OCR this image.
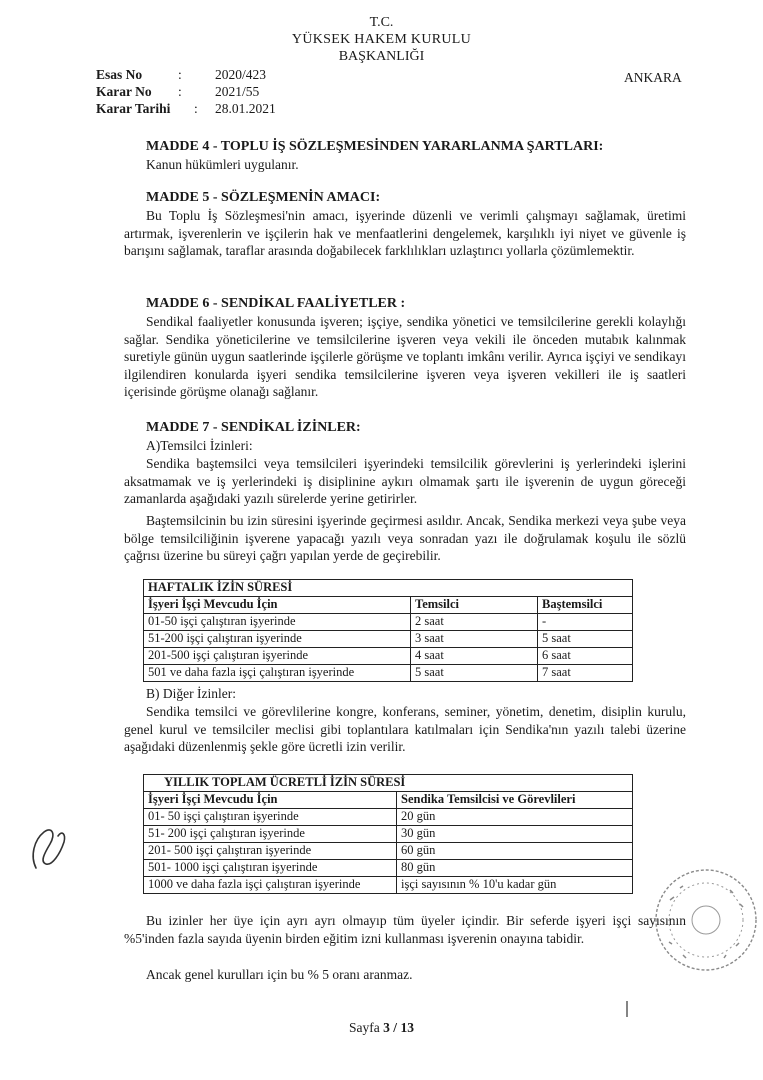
T.C.
YÜKSEK HAKEM KURULU
BAŞKANLIĞI
ANKARA
Esas No	: 2020/423
Karar No : 2021/55
Karar Tarihi : 28.01.2021
MADDE 4 - TOPLU İŞ SÖZLEŞMESİNDEN YARARLANMA ŞARTLARI:
Kanun hükümleri uygulanır.
MADDE 5 - SÖZLEŞMENİN AMACI:
Bu Toplu İş Sözleşmesi'nin amacı, işyerinde düzenli ve verimli çalışmayı sağlamak, üretimi artırmak, işverenlerin ve işçilerin hak ve menfaatlerini dengelemek, karşılıklı iyi niyet ve güvenle iş barışını sağlamak, taraflar arasında doğabilecek farklılıkları uzlaştırıcı yollarla çözümlemektir.
MADDE 6 - SENDİKAL FAALİYETLER :
Sendikal faaliyetler konusunda işveren; işçiye, sendika yönetici ve temsilcilerine gerekli kolaylığı sağlar. Sendika yöneticilerine ve temsilcilerine işveren veya vekili ile önceden mutabık kalınmak suretiyle günün uygun saatlerinde işçilerle görüşme ve toplantı imkânı verilir. Ayrıca işçiyi ve sendikayı ilgilendiren konularda işyeri sendika temsilcilerine işveren veya işveren vekilleri ile iş saatleri içerisinde görüşme olanağı sağlanır.
MADDE 7 - SENDİKAL İZİNLER:
A)Temsilci İzinleri:
Sendika baştemsilci veya temsilcileri işyerindeki temsilcilik görevlerini iş yerlerindeki işlerini aksatmamak ve iş yerlerindeki iş disiplinine aykırı olmamak şartı ile işverenin de uygun göreceği zamanlarda aşağıdaki yazılı sürelerde yerine getirirler.
Baştemsilcinin bu izin süresini işyerinde geçirmesi asıldır. Ancak, Sendika merkezi veya şube veya bölge temsilciliğinin işverene yapacağı yazılı veya sonradan yazı ile doğrulamak koşulu ile sözlü çağrısı üzerine bu süreyi çağrı yapılan yerde de geçirebilir.
HAFTALIK İZİN SÜRESİ		
İşyeri İşçi Mevcudu İçin	Temsilci	Baştemsilci
01-50 işçi çalıştıran işyerinde	2 saat	-
51-200 işçi çalıştıran işyerinde	3 saat	5 saat
201-500 işçi çalıştıran işyerinde	4 saat	6 saat
501 ve daha fazla işçi çalıştıran işyerinde	5 saat	7 saat
B) Diğer İzinler:
Sendika temsilci ve görevlilerine kongre, konferans, seminer, yönetim, denetim, disiplin kurulu, genel kurul ve temsilciler meclisi gibi toplantılara katılmaları için Sendika'nın yazılı talebi üzerine aşağıdaki düzenlenmiş şekle göre ücretli izin verilir.
YILLIK TOPLAM ÜCRETLİ İZİN SÜRESİ	
İşyeri İşçi Mevcudu İçin	Sendika Temsilcisi ve Görevlileri
01- 50 işçi çalıştıran işyerinde	20 gün
51- 200 işçi çalıştıran işyerinde	30 gün
201- 500 işçi çalıştıran işyerinde	60 gün
501- 1000 işçi çalıştıran işyerinde	80 gün
1000 ve daha fazla işçi çalıştıran işyerinde	işçi sayısının % 10'u kadar gün
Bu izinler her üye için ayrı ayrı olmayıp tüm üyeler içindir. Bir seferde işyeri işçi sayısının %5'inden fazla sayıda üyenin birden eğitim izni kullanması işverenin onayına tabidir.
Ancak genel kurulları için bu % 5 oranı aranmaz.
Sayfa 3 / 13
